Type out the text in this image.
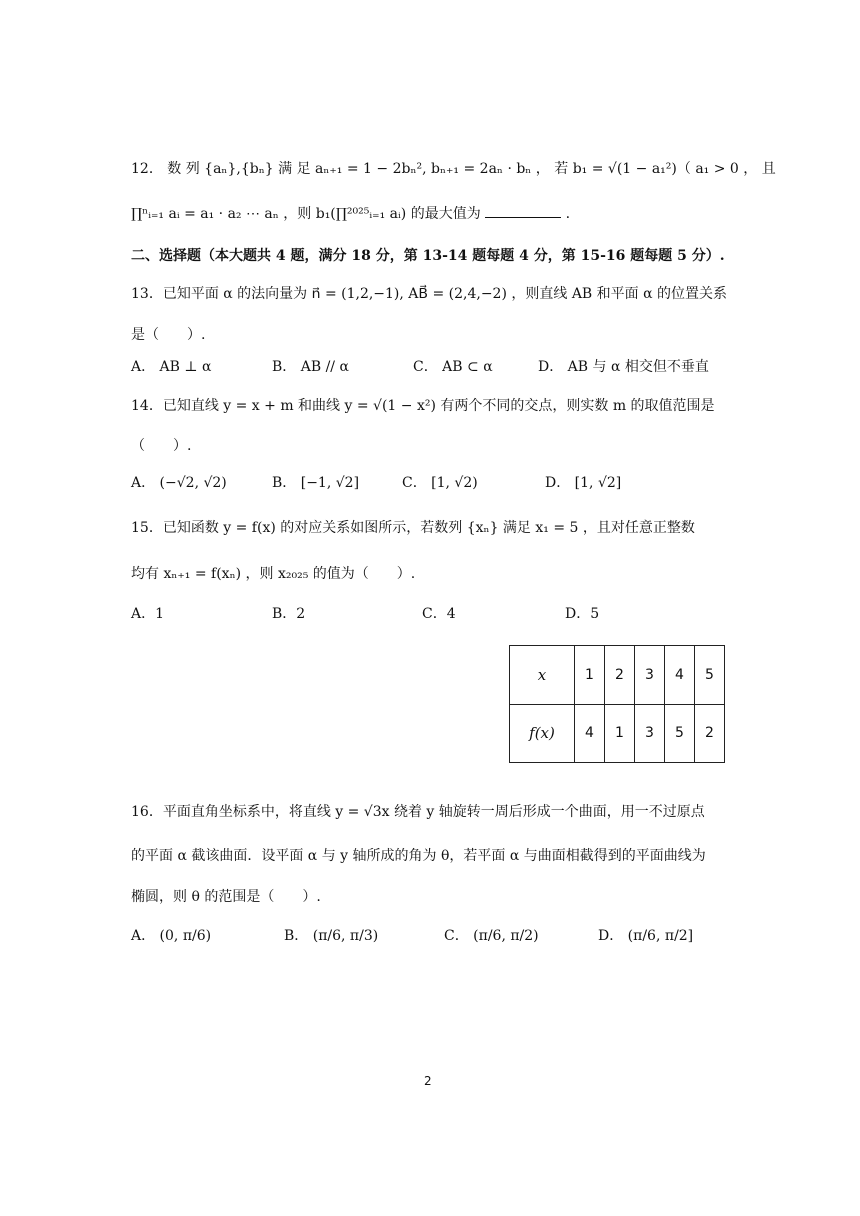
12． 数 列 {aₙ},{bₙ} 满 足 aₙ₊₁ = 1 − 2bₙ², bₙ₊₁ = 2aₙ · bₙ ， 若 b₁ = √(1 − a₁²)（ a₁ > 0 ， 且
∏ⁿᵢ₌₁ aᵢ = a₁ · a₂ ⋯ aₙ ，则 b₁(∏²⁰²⁵ᵢ₌₁ aᵢ) 的最大值为	.
二、选择题（本大题共 4 题，满分 18 分，第 13-14 题每题 4 分，第 15-16 题每题 5 分）.
13．已知平面 α 的法向量为 n⃗ = (1,2,−1), AB⃗ = (2,4,−2) ，则直线 AB 和平面 α 的位置关系
是（　　）.
A． AB ⊥ α	B． AB // α	C． AB ⊂ α	D． AB 与 α 相交但不垂直
14．已知直线 y = x + m 和曲线 y = √(1 − x²) 有两个不同的交点，则实数 m 的取值范围是
（　　）.
A． (−√2, √2)	B． [−1, √2]	C． [1, √2)	D． [1, √2]
15．已知函数 y = f(x) 的对应关系如图所示，若数列 {xₙ} 满足 x₁ = 5 ，且对任意正整数
均有 xₙ₊₁ = f(xₙ) ，则 x₂₀₂₅ 的值为（　　）.
A．1	B．2	C．4	D．5
x	1	2	3	4	5
f(x)	4	1	3	5	2
16．平面直角坐标系中，将直线 y = √3x 绕着 y 轴旋转一周后形成一个曲面，用一不过原点
的平面 α 截该曲面．设平面 α 与 y 轴所成的角为 θ，若平面 α 与曲面相截得到的平面曲线为
椭圆，则 θ 的范围是（　　）.
A． (0, π/6)	B． (π/6, π/3)	C． (π/6, π/2)	D． (π/6, π/2]
2
